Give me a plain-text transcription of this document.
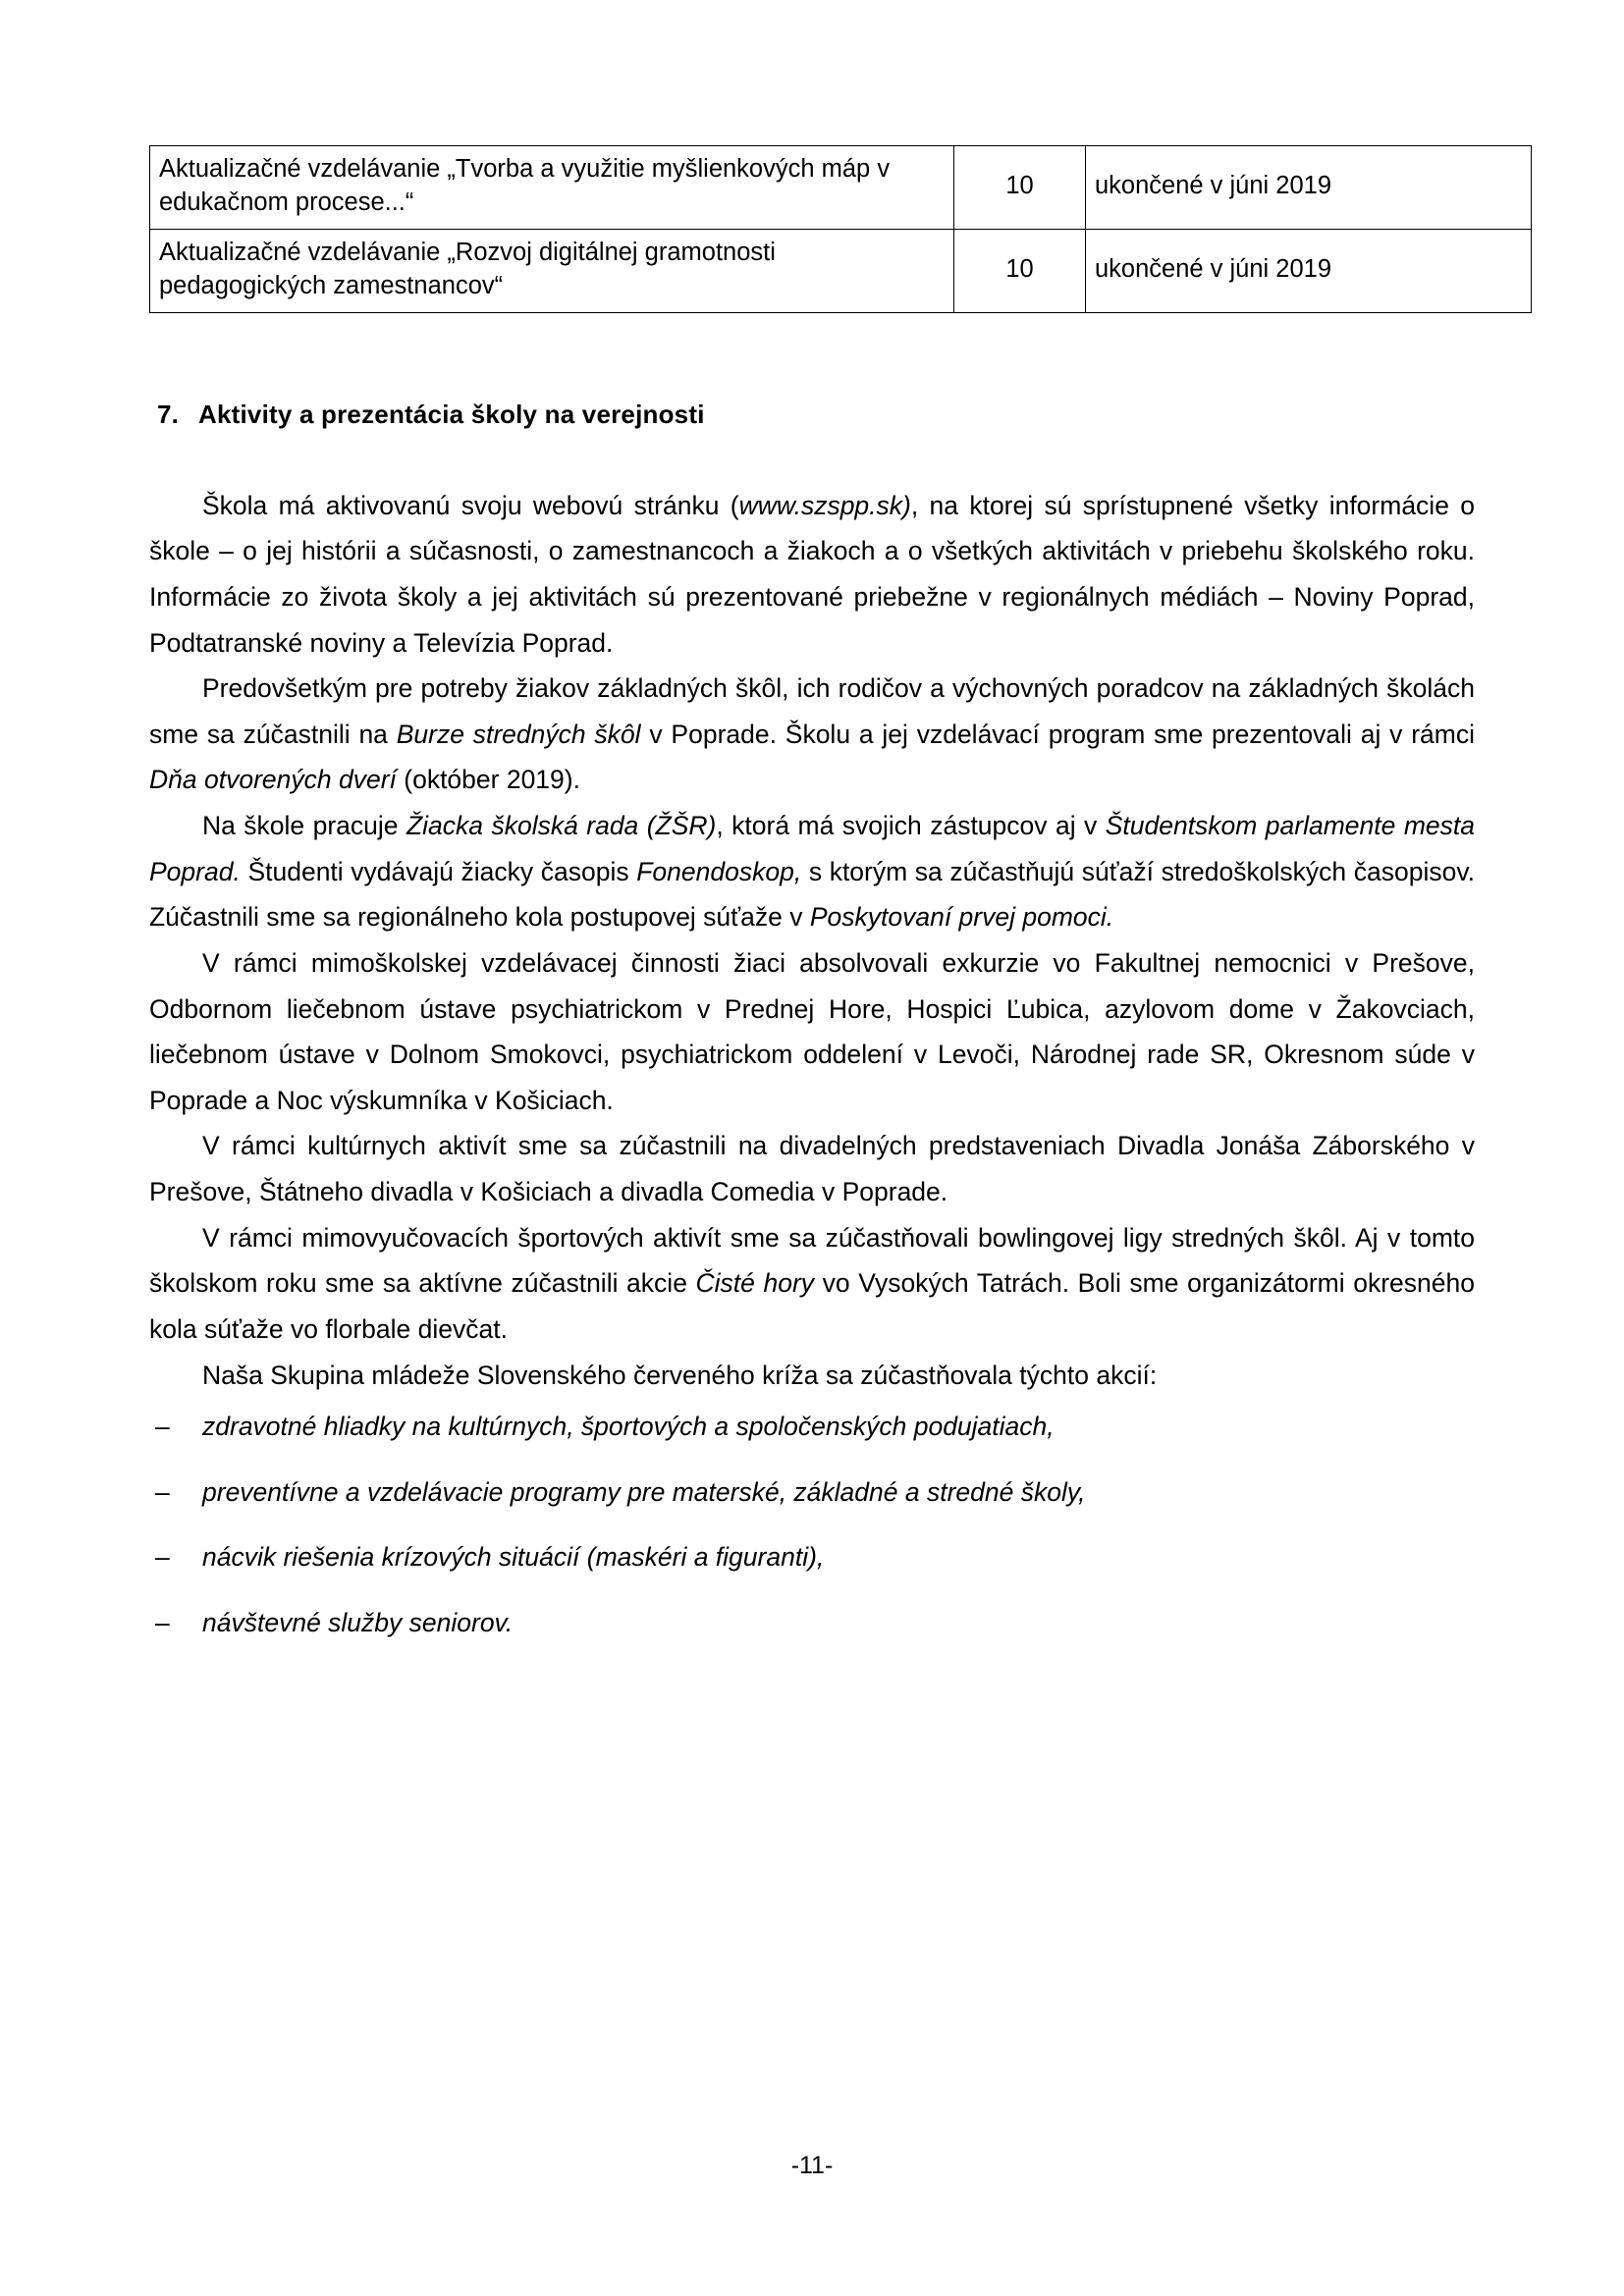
Aktualizačné vzdelávanie „Tvorba a využitie myšlienkových máp v edukačnom procese...“	10	ukončené v júni 2019
Aktualizačné vzdelávanie „Rozvoj digitálnej gramotnosti pedagogických zamestnancov“	10	ukončené v júni 2019
7. Aktivity a prezentácia školy na verejnosti

Škola má aktivovanú svoju webovú stránku (www.szspp.sk), na ktorej sú sprístupnené všetky informácie o škole – o jej histórii a súčasnosti, o zamestnancoch a žiakoch a o všetkých aktivitách v priebehu školského roku. Informácie zo života školy a jej aktivitách sú prezentované priebežne v regionálnych médiách – Noviny Poprad, Podtatranské noviny a Televízia Poprad.

Predovšetkým pre potreby žiakov základných škôl, ich rodičov a výchovných poradcov na základných školách sme sa zúčastnili na Burze stredných škôl v Poprade. Školu a jej vzdelávací program sme prezentovali aj v rámci Dňa otvorených dverí (október 2019).

Na škole pracuje Žiacka školská rada (ŽŠR), ktorá má svojich zástupcov aj v Študentskom parlamente mesta Poprad. Študenti vydávajú žiacky časopis Fonendoskop, s ktorým sa zúčastňujú súťaží stredoškolských časopisov. Zúčastnili sme sa regionálneho kola postupovej súťaže v Poskytovaní prvej pomoci.

V rámci mimoškolskej vzdelávacej činnosti žiaci absolvovali exkurzie vo Fakultnej nemocnici v Prešove, Odbornom liečebnom ústave psychiatrickom v Prednej Hore, Hospici Ľubica, azylovom dome v Žakovciach, liečebnom ústave v Dolnom Smokovci, psychiatrickom oddelení v Levoči, Národnej rade SR, Okresnom súde v Poprade a Noc výskumníka v Košiciach.

V rámci kultúrnych aktivít sme sa zúčastnili na divadelných predstaveniach Divadla Jonáša Záborského v Prešove, Štátneho divadla v Košiciach a divadla Comedia v Poprade.

V rámci mimovyučovacích športových aktivít sme sa zúčastňovali bowlingovej ligy stredných škôl. Aj v tomto školskom roku sme sa aktívne zúčastnili akcie Čisté hory vo Vysokých Tatrách. Boli sme organizátormi okresného kola súťaže vo florbale dievčat.

Naša Skupina mládeže Slovenského červeného kríža sa zúčastňovala týchto akcií:

– zdravotné hliadky na kultúrnych, športových a spoločenských podujatiach,
– preventívne a vzdelávacie programy pre materské, základné a stredné školy,
– nácvik riešenia krízových situácií (maskéri a figuranti),
– návštevné služby seniorov.
-11-
